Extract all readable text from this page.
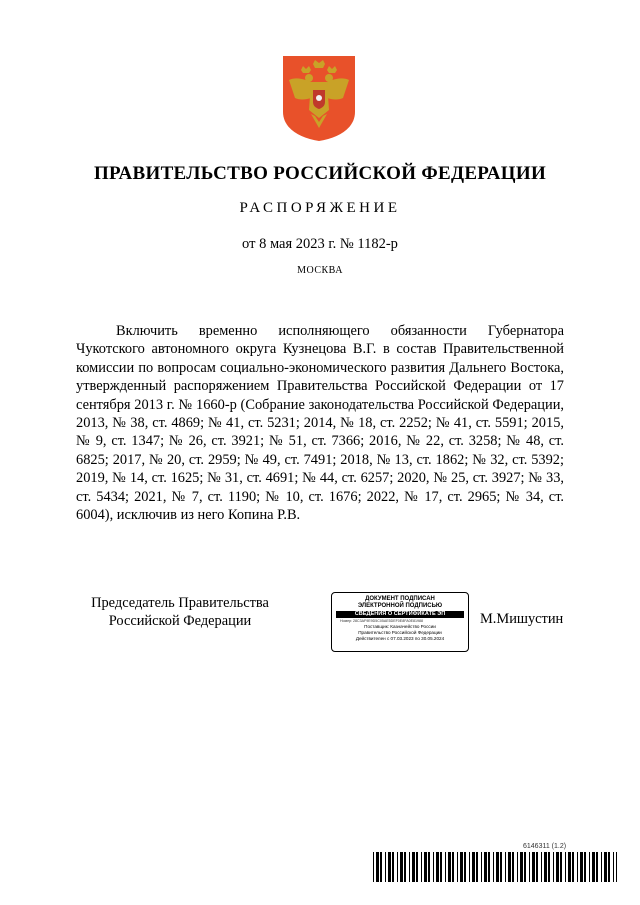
ПРАВИТЕЛЬСТВО РОССИЙСКОЙ ФЕДЕРАЦИИ
РАСПОРЯЖЕНИЕ
от 8 мая 2023 г. № 1182-р
МОСКВА
Включить временно исполняющего обязанности Губернатора Чукотского автономного округа Кузнецова В.Г. в состав Правительственной комиссии по вопросам социально-экономического развития Дальнего Востока, утвержденный распоряжением Правительства Российской Федерации от 17 сентября 2013 г. № 1660-р (Собрание законодательства Российской Федерации, 2013, № 38, ст. 4869; № 41, ст. 5231; 2014, № 18, ст. 2252; № 41, ст. 5591; 2015, № 9, ст. 1347; № 26, ст. 3921; № 51, ст. 7366; 2016, № 22, ст. 3258; № 48, ст. 6825; 2017, № 20, ст. 2959; № 49, ст. 7491; 2018, № 13, ст. 1862; № 32, ст. 5392; 2019, № 14, ст. 1625; № 31, ст. 4691; № 44, ст. 6257; 2020, № 25, ст. 3927; № 33, ст. 5434; 2021, № 7, ст. 1190; № 10, ст. 1676; 2022, № 17, ст. 2965; № 34, ст. 6004), исключив из него Копина Р.В.
Председатель Правительства
Российской Федерации
ДОКУМЕНТ ПОДПИСАН
ЭЛЕКТРОННОЙ ПОДПИСЬЮ
СВЕДЕНИЯ О СЕРТИФИКАТЕ ЭП
Номер: 28C3AF9E9D5C05AE5DEF0E8FA0E81988
Поставщик: Казначейство России
Правительство Российской Федерации
Действителен с 07.03.2023 по 30.05.2024
М.Мишустин
6146311 (1.2)
